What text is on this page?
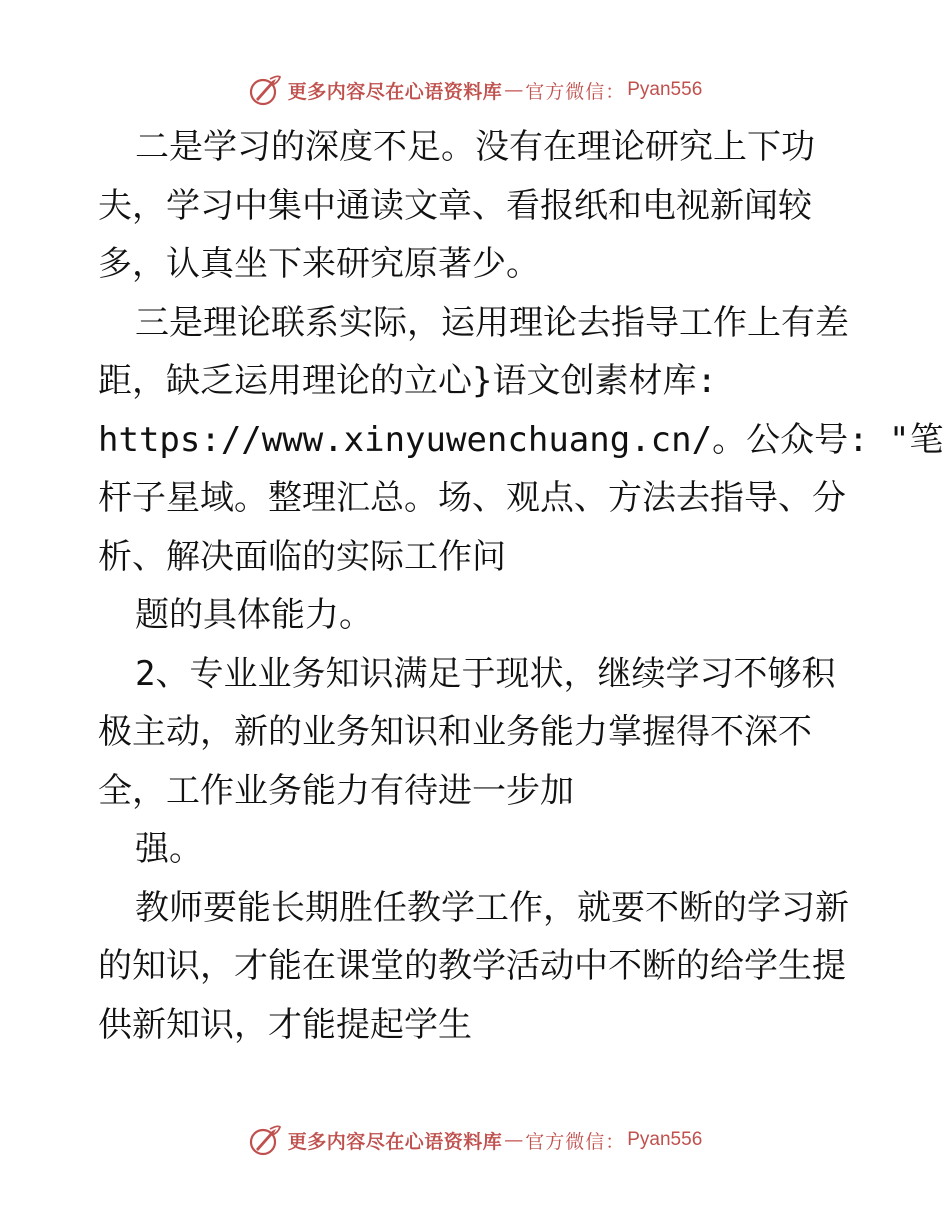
更多内容尽在心语资料库 — 官方微信： Pyan556
二是学习的深度不足。没有在理论研究上下功
夫，学习中集中通读文章、看报纸和电视新闻较
多，认真坐下来研究原著少。
三是理论联系实际，运用理论去指导工作上有差
距，缺乏运用理论的立心}语文创素材库:
https://www.xinyuwenchuang.cn/。公众号: "笔
杆子星域。整理汇总。场、观点、方法去指导、分
析、解决面临的实际工作问
题的具体能力。
2、专业业务知识满足于现状，继续学习不够积
极主动，新的业务知识和业务能力掌握得不深不
全，工作业务能力有待进一步加
强。
教师要能长期胜任教学工作，就要不断的学习新
的知识，才能在课堂的教学活动中不断的给学生提
供新知识，才能提起学生
更多内容尽在心语资料库 — 官方微信： Pyan556
